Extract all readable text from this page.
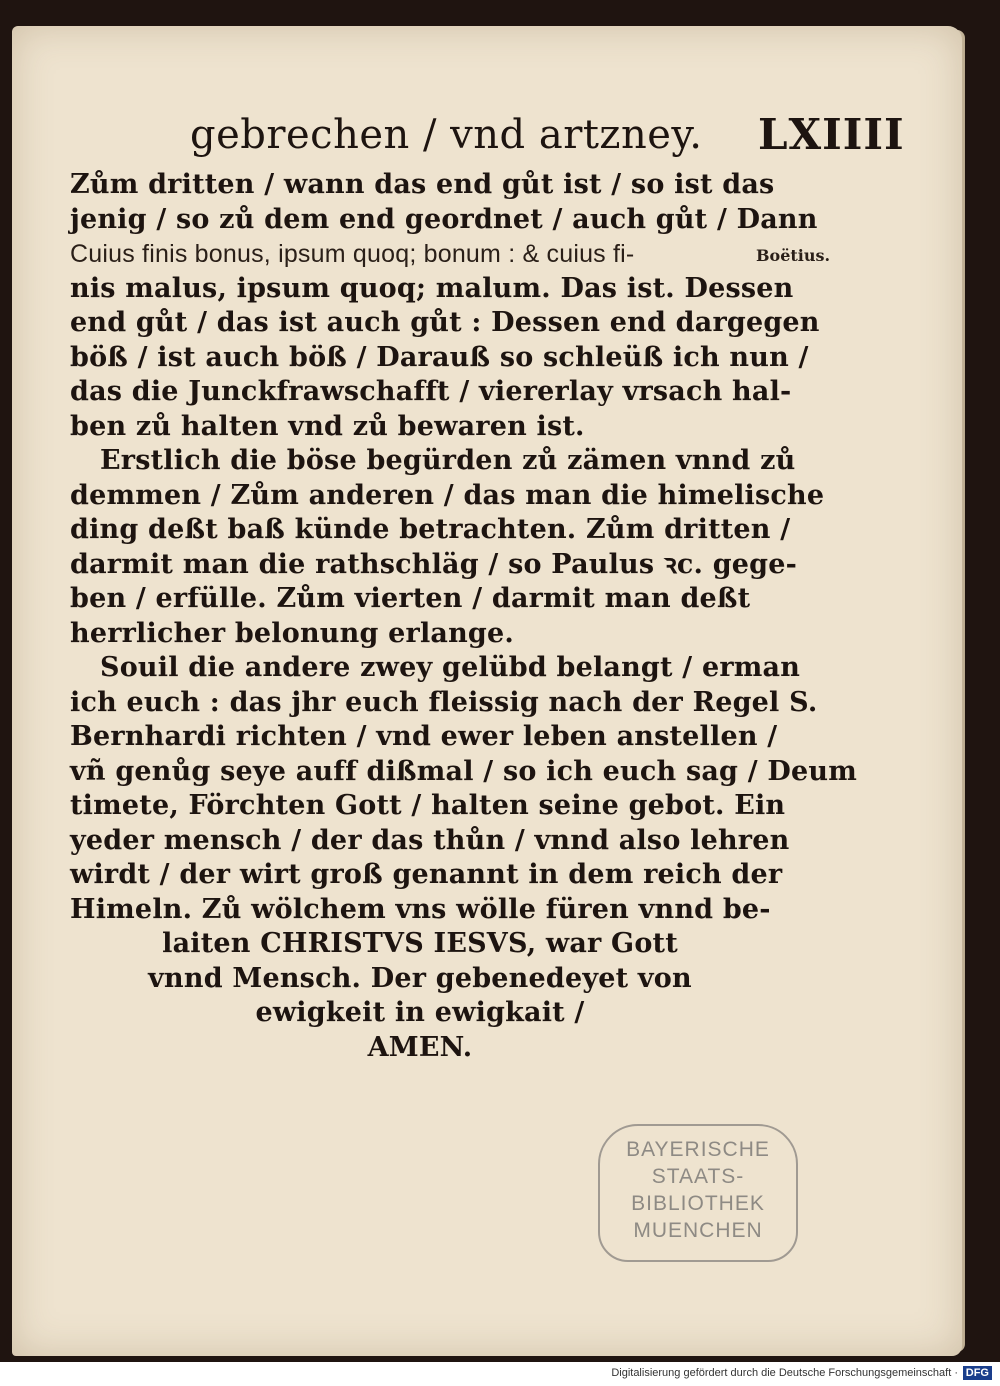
gebrechen / vnd artzney. LXIIII
Boëtius.
Zům dritten / wann das end gůt ist / so ist das
jenig / so zů dem end geordnet / auch gůt / Dann
Cuius finis bonus, ipsum quoq; bonum : & cuius fi-
nis malus, ipsum quoq; malum. Das ist. Dessen
end gůt / das ist auch gůt : Dessen end dargegen
böß / ist auch böß / Darauß so schleüß ich nun /
das die Junckfrawschafft / viererlay vrsach hal-
ben zů halten vnd zů bewaren ist.
Erstlich die böse begürden zů zämen vnnd zů
demmen / Zům anderen / das man die himelische
ding deßt baß künde betrachten. Zům dritten /
darmit man die rathschläg / so Paulus ꝛc. gege-
ben / erfülle. Zům vierten / darmit man deßt
herrlicher belonung erlange.
Souil die andere zwey gelübd belangt / erman
ich euch : das jhr euch fleissig nach der Regel S.
Bernhardi richten / vnd ewer leben anstellen /
vñ genůg seye auff dißmal / so ich euch sag / Deum
timete, Förchten Gott / halten seine gebot. Ein
yeder mensch / der das thůn / vnnd also lehren
wirdt / der wirt groß genannt in dem reich der
Himeln. Zů wölchem vns wölle füren vnnd be-
laiten CHRISTVS IESVS, war Gott
vnnd Mensch. Der gebenedeyet von
ewigkeit in ewigkait /
AMEN.
BAYERISCHE
STAATS-
BIBLIOTHEK
MUENCHEN
Digitalisierung gefördert durch die Deutsche Forschungsgemeinschaft · DFG
